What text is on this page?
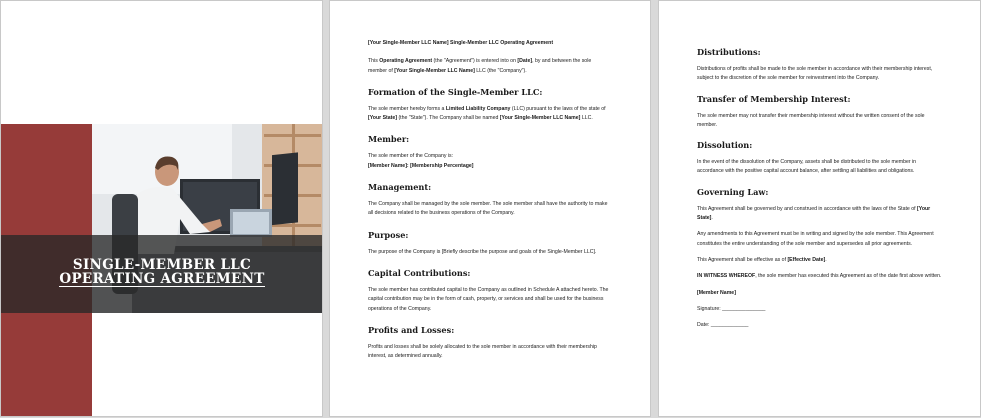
SINGLE-MEMBER LLC
OPERATING AGREEMENT

[Your Single-Member LLC Name] Single-Member LLC Operating Agreement

This Operating Agreement (the "Agreement") is entered into on [Date], by and between the sole member of [Your Single-Member LLC Name] LLC (the "Company").

Formation of the Single-Member LLC:

The sole member hereby forms a Limited Liability Company (LLC) pursuant to the laws of the state of [Your State] (the "State"). The Company shall be named [Your Single-Member LLC Name] LLC.

Member:

The sole member of the Company is:
[Member Name]: [Membership Percentage]

Management:

The Company shall be managed by the sole member. The sole member shall have the authority to make all decisions related to the business operations of the Company.

Purpose:

The purpose of the Company is [Briefly describe the purpose and goals of the Single-Member LLC].

Capital Contributions:

The sole member has contributed capital to the Company as outlined in Schedule A attached hereto. The capital contribution may be in the form of cash, property, or services and shall be used for the business operations of the Company.

Profits and Losses:

Profits and losses shall be solely allocated to the sole member in accordance with their membership interest, as determined annually.

Distributions:

Distributions of profits shall be made to the sole member in accordance with their membership interest, subject to the discretion of the sole member for reinvestment into the Company.

Transfer of Membership Interest:

The sole member may not transfer their membership interest without the written consent of the sole member.

Dissolution:

In the event of the dissolution of the Company, assets shall be distributed to the sole member in accordance with the positive capital account balance, after settling all liabilities and obligations.

Governing Law:

This Agreement shall be governed by and construed in accordance with the laws of the State of [Your State].

Any amendments to this Agreement must be in writing and signed by the sole member. This Agreement constitutes the entire understanding of the sole member and supersedes all prior agreements.

This Agreement shall be effective as of [Effective Date].

IN WITNESS WHEREOF, the sole member has executed this Agreement as of the date first above written.

[Member Name]

Signature: _______________

Date: _____________
